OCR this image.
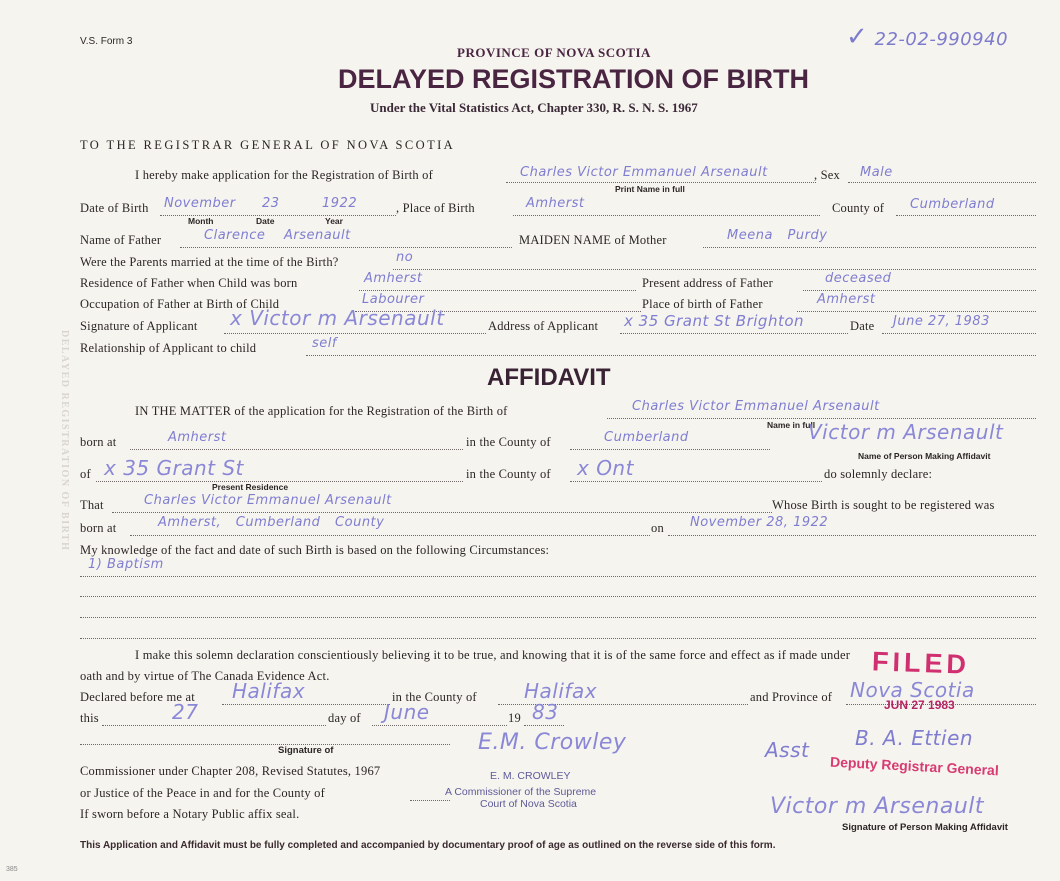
V.S. Form 3	✓ 22-02-990940
PROVINCE OF NOVA SCOTIA
DELAYED REGISTRATION OF BIRTH
Under the Vital Statistics Act, Chapter 330, R. S. N. S. 1967
TO THE REGISTRAR GENERAL OF NOVA SCOTIA
DELAYED REGISTRATION OF BIRTH
I hereby make application for the Registration of Birth of	Charles Victor Emmanuel Arsenault	, Sex Male
Print Name in full
Date of Birth November 23	1922	, Place of Birth	Amherst	County of Cumberland
Month	Date	Year
Name of Father	Clarence Arsenault	MAIDEN NAME of Mother	Meena Purdy
Were the Parents married at the time of the Birth?	no
Residence of Father when Child was born	Amherst	Present address of Father	deceased
Occupation of Father at Birth of Child	Labourer	Place of birth of Father	Amherst
Signature of Applicant x Victor m Arsenault	Address of Applicant x 35 Grant St Brighton	Date June 27, 1983
Relationship of Applicant to child	self
AFFIDAVIT
IN THE MATTER of the application for the Registration of the Birth of	Charles Victor Emmanuel Arsenault
Name in full
born at	Amherst	in the County of	Cumberland	Victor m Arsenault
Name of Person Making Affidavit
of x 35 Grant St
Present Residence
in the County of x Ont	do solemnly declare:
That	Charles Victor Emmanuel Arsenault	Whose Birth is sought to be registered was
born at	Amherst, Cumberland County	on November 28, 1922
My knowledge of the fact and date of such Birth is based on the following Circumstances:
1) Baptism
I make this solemn declaration conscientiously believing it to be true, and knowing that it is of the same force and effect as if made under
oath and by virtue of The Canada Evidence Act.
Declared before me at Halifax	in the County of Halifax	and Province of Nova Scotia
this	27	day of June	19 83
Signature of
Commissioner under Chapter 208, Revised Statutes, 1967
or Justice of the Peace in and for the County of
If sworn before a Notary Public affix seal.
E.M. Crowley
E. M. CROWLEY
A Commissioner of the Supreme
Court of Nova Scotia
FILED
JUN 27 1983
Asst B. A. Ettien
Deputy Registrar General
Victor m Arsenault
Signature of Person Making Affidavit
This Application and Affidavit must be fully completed and accompanied by documentary proof of age as outlined on the reverse side of this form.
385
